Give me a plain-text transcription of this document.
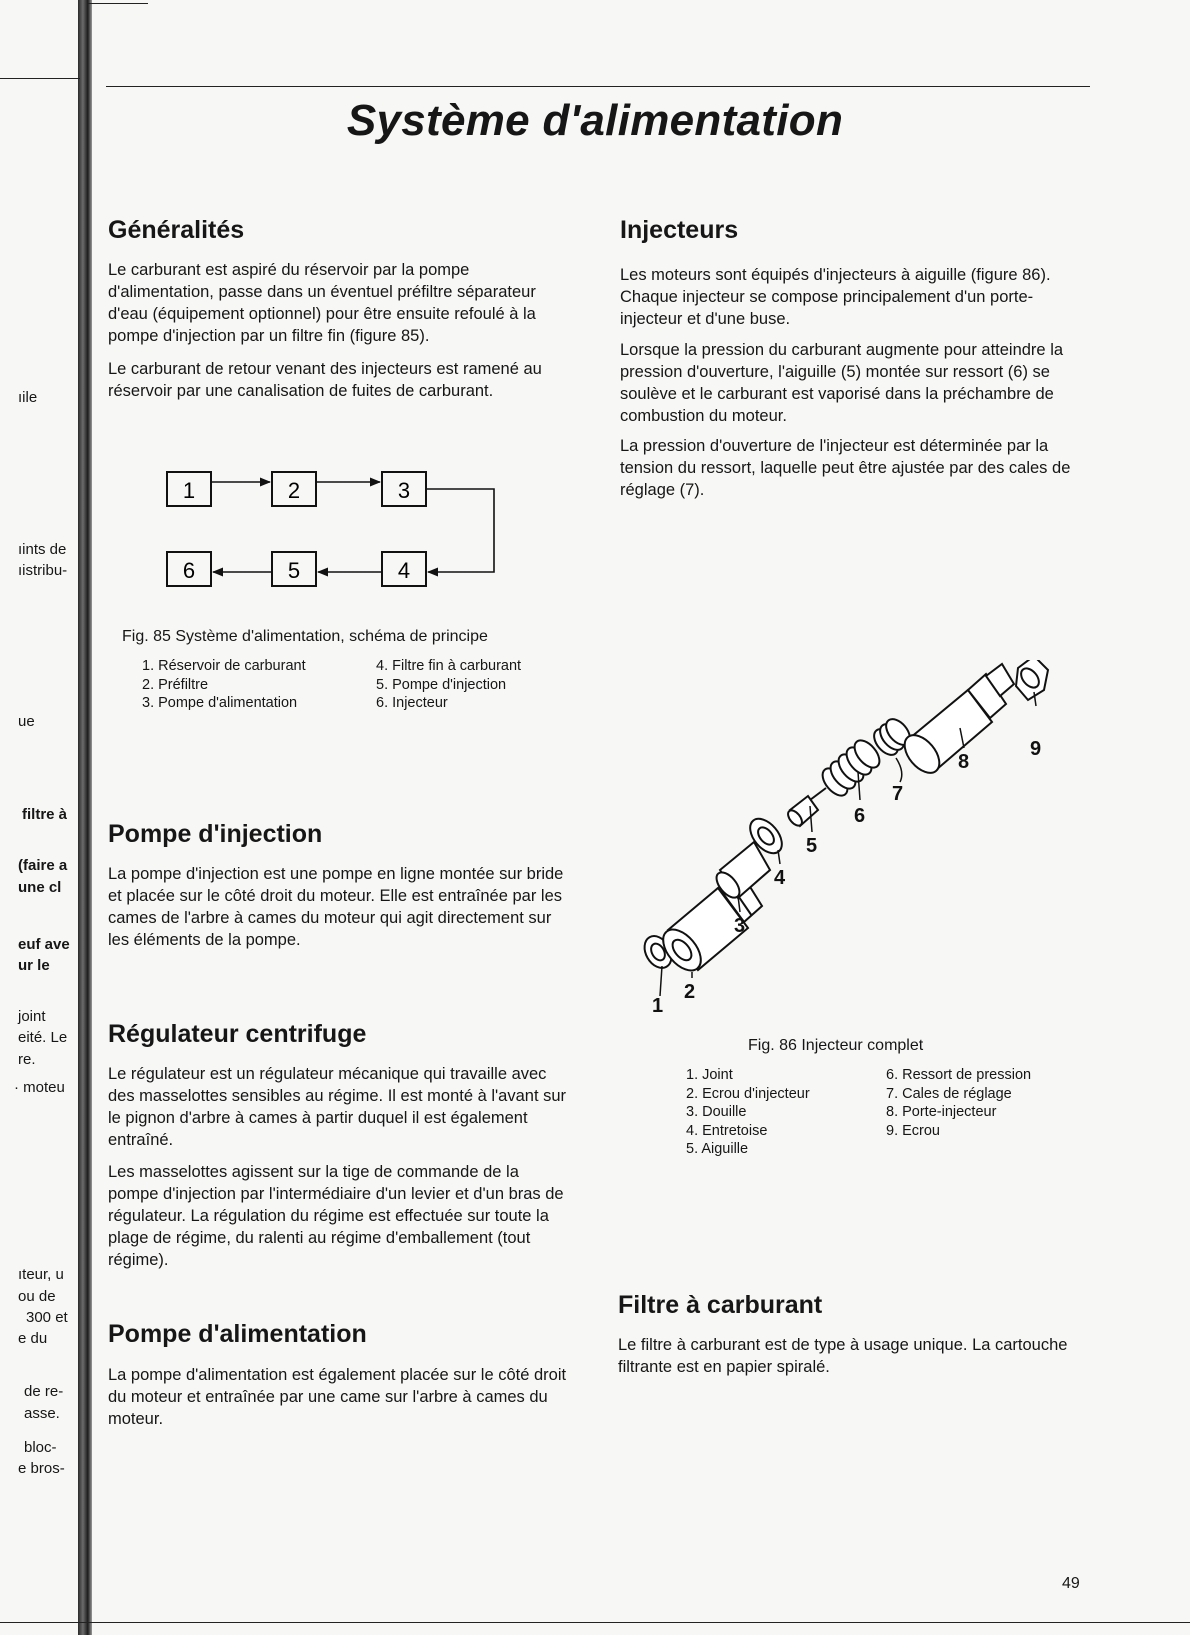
ıile
ıints de
ıistribu-
ue
filtre à
(faire a
une cl
euf ave
ur le
joint
eité. Le
re.
· moteu
ıteur, u
ou de
300 et
e du
de re-
asse.
bloc-
e bros-
Système d'alimentation
Généralités

Le carburant est aspiré du réservoir par la pompe d'alimentation, passe dans un éventuel préfiltre séparateur d'eau (équipement optionnel) pour être ensuite refoulé à la pompe d'injection par un filtre fin (figure 85).

Le carburant de retour venant des injecteurs est ramené au réservoir par une canalisation de fuites de carburant.

1	2	3
4
5
6
Fig. 85 Système d'alimentation, schéma de principe
1. Réservoir de carburant
2. Préfiltre
3. Pompe d'alimentation
4. Filtre fin à carburant
5. Pompe d'injection
6. Injecteur
Pompe d'injection

La pompe d'injection est une pompe en ligne montée sur bride et placée sur le côté droit du moteur. Elle est entraînée par les cames de l'arbre à cames du moteur qui agit directement sur les éléments de la pompe.

Régulateur centrifuge

Le régulateur est un régulateur mécanique qui travaille avec des masselottes sensibles au régime. Il est monté à l'avant sur le pignon d'arbre à cames à partir duquel il est également entraîné.

Les masselottes agissent sur la tige de commande de la pompe d'injection par l'intermédiaire d'un levier et d'un bras de régulateur. La régulation du régime est effectuée sur toute la plage de régime, du ralenti au régime d'emballement (tout régime).

Pompe d'alimentation

La pompe d'alimentation est également placée sur le côté droit du moteur et entraînée par une came sur l'arbre à cames du moteur.

Injecteurs

Les moteurs sont équipés d'injecteurs à aiguille (figure 86). Chaque injecteur se compose principalement d'un porte-injecteur et d'une buse.

Lorsque la pression du carburant augmente pour atteindre la pression d'ouverture, l'aiguille (5) montée sur ressort (6) se soulève et le carburant est vaporisé dans la préchambre de combustion du moteur.

La pression d'ouverture de l'injecteur est déterminée par la tension du ressort, laquelle peut être ajustée par des cales de réglage (7).

1
2
3
4
5
6
7
8
9
Fig. 86 Injecteur complet
1. Joint
2. Ecrou d'injecteur
3. Douille
4. Entretoise
5. Aiguille
6. Ressort de pression
7. Cales de réglage
8. Porte-injecteur
9. Ecrou
Filtre à carburant

Le filtre à carburant est de type à usage unique. La cartouche filtrante est en papier spiralé.

49
